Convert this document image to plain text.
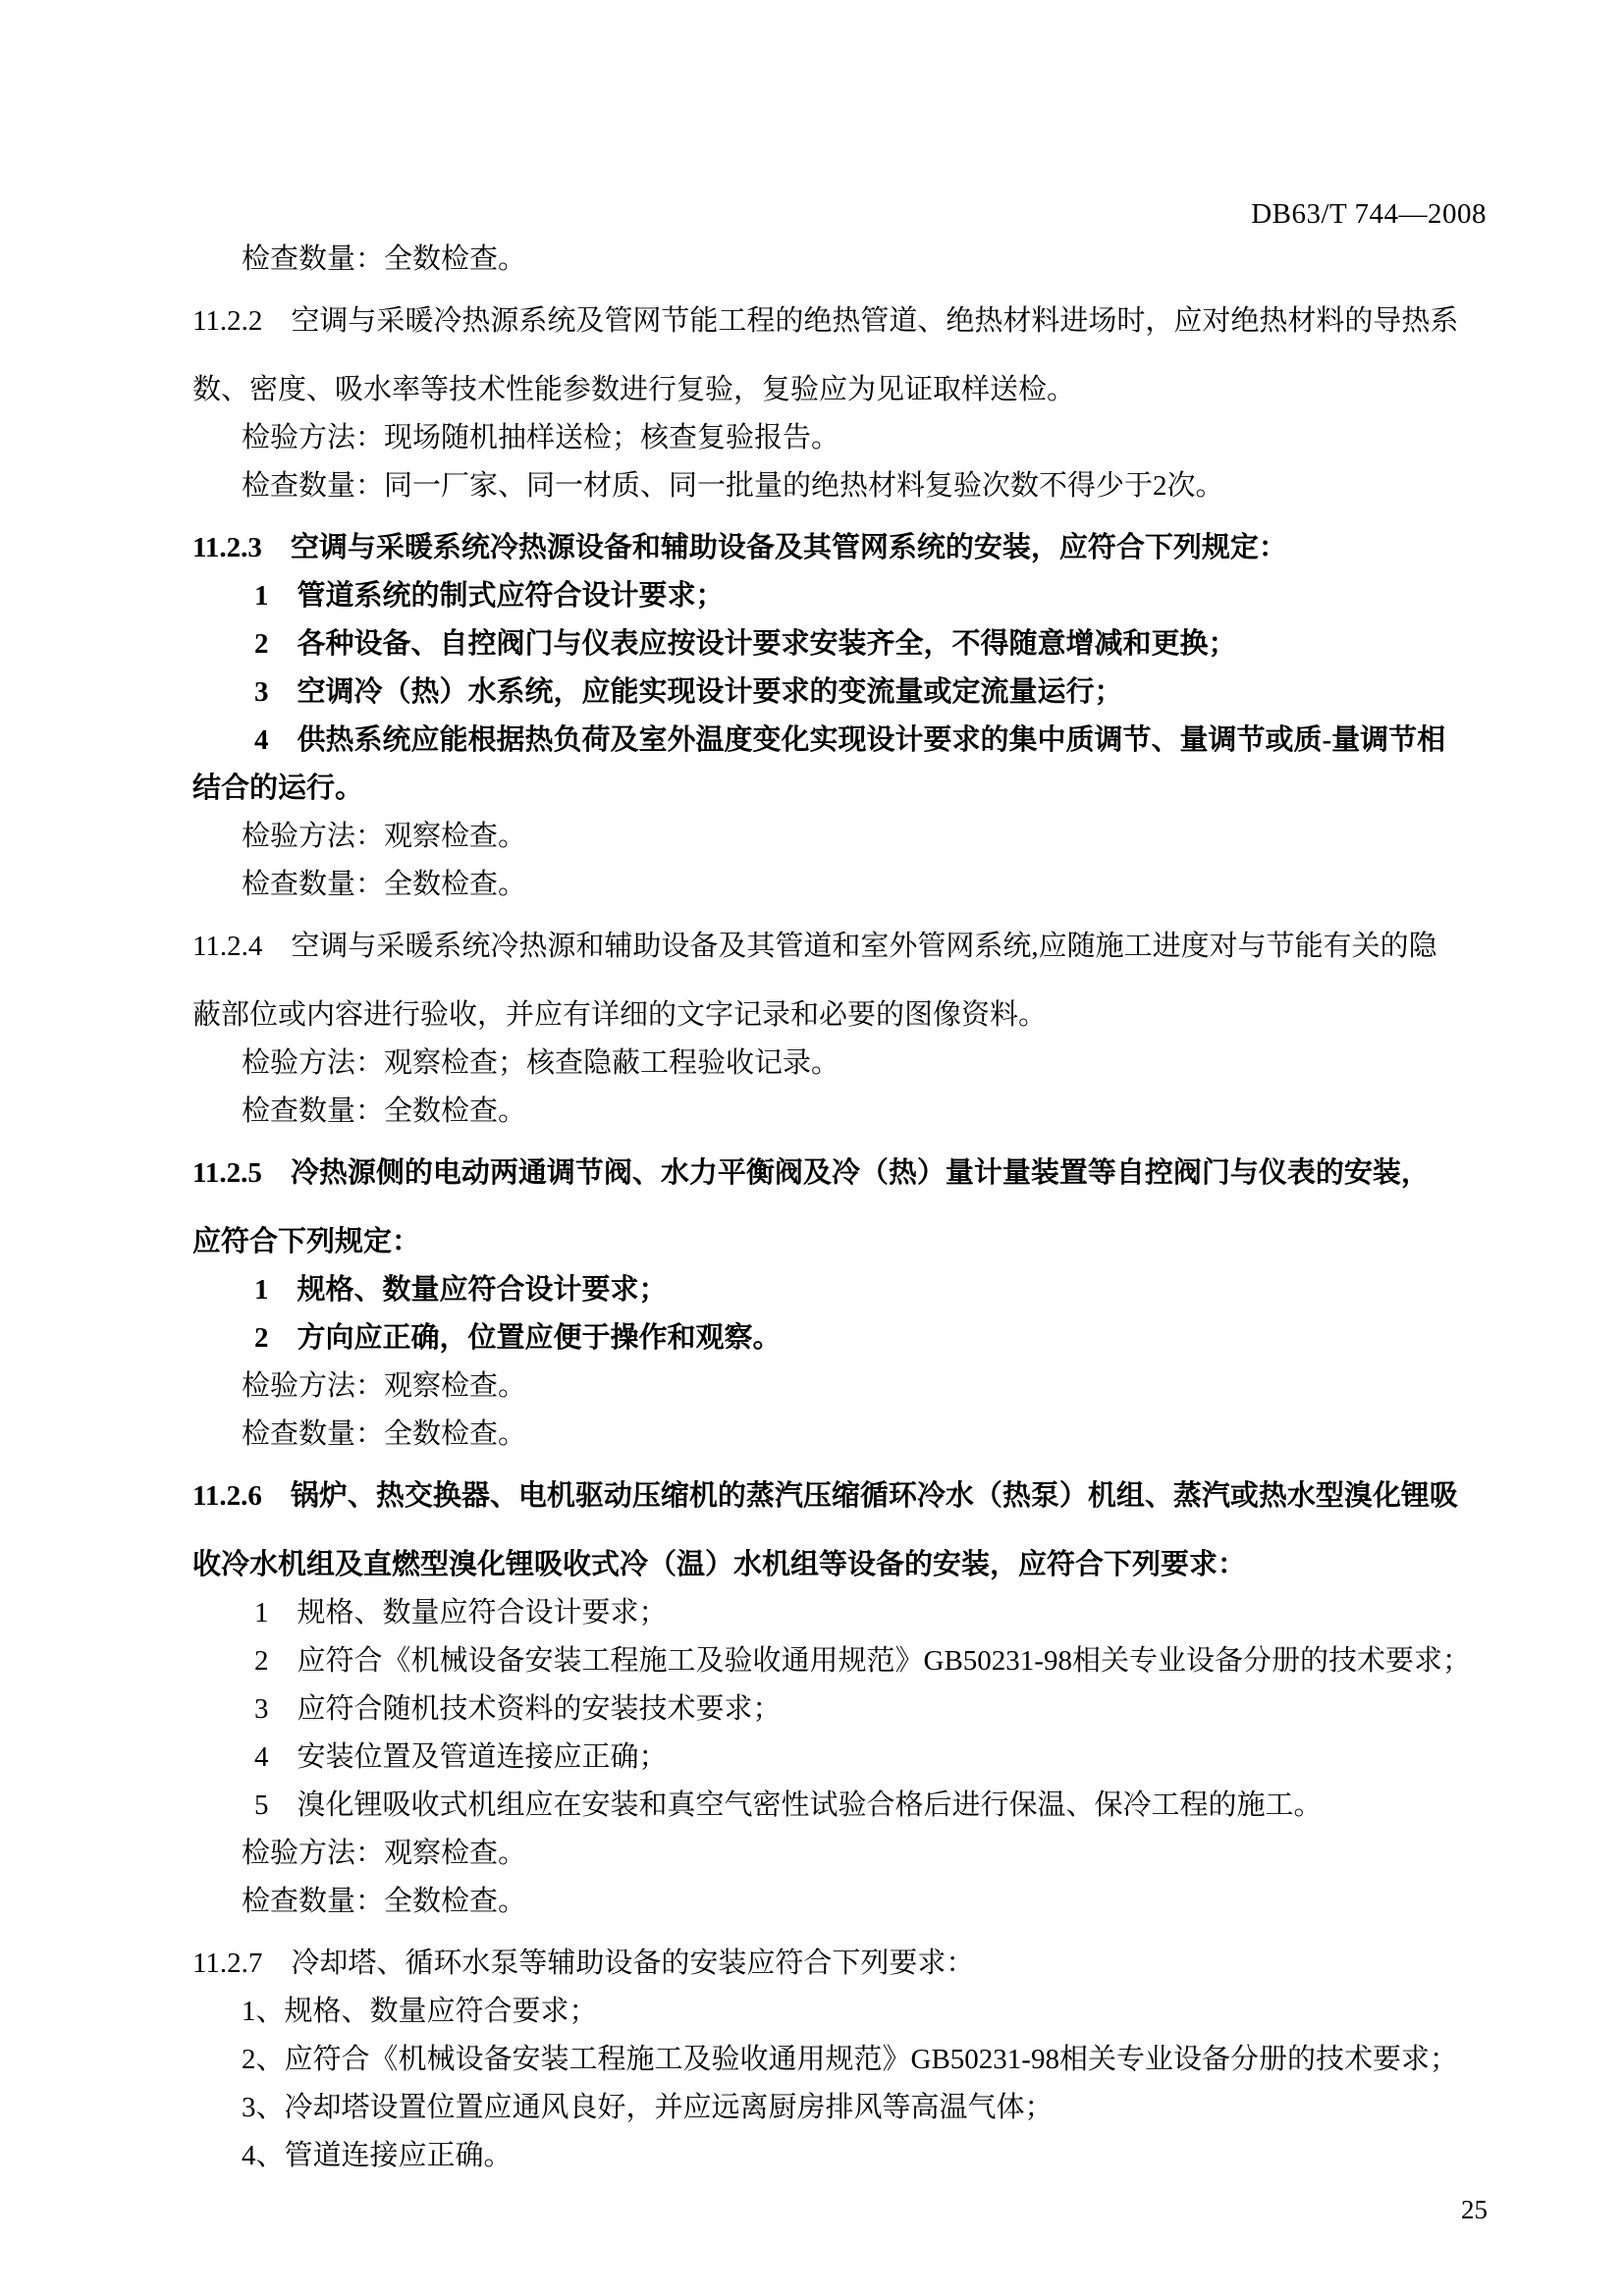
DB63/T 744—2008
检查数量：全数检查。
11.2.2　空调与采暖冷热源系统及管网节能工程的绝热管道、绝热材料进场时，应对绝热材料的导热系
数、密度、吸水率等技术性能参数进行复验，复验应为见证取样送检。
检验方法：现场随机抽样送检；核查复验报告。
检查数量：同一厂家、同一材质、同一批量的绝热材料复验次数不得少于2次。
11.2.3　空调与采暖系统冷热源设备和辅助设备及其管网系统的安装，应符合下列规定：
1　管道系统的制式应符合设计要求；
2　各种设备、自控阀门与仪表应按设计要求安装齐全，不得随意增减和更换；
3　空调冷（热）水系统，应能实现设计要求的变流量或定流量运行；
4　供热系统应能根据热负荷及室外温度变化实现设计要求的集中质调节、量调节或质-量调节相
结合的运行。
检验方法：观察检查。
检查数量：全数检查。
11.2.4　空调与采暖系统冷热源和辅助设备及其管道和室外管网系统,应随施工进度对与节能有关的隐
蔽部位或内容进行验收，并应有详细的文字记录和必要的图像资料。
检验方法：观察检查；核查隐蔽工程验收记录。
检查数量：全数检查。
11.2.5　冷热源侧的电动两通调节阀、水力平衡阀及冷（热）量计量装置等自控阀门与仪表的安装，
应符合下列规定：
1　规格、数量应符合设计要求；
2　方向应正确，位置应便于操作和观察。
检验方法：观察检查。
检查数量：全数检查。
11.2.6　锅炉、热交换器、电机驱动压缩机的蒸汽压缩循环冷水（热泵）机组、蒸汽或热水型溴化锂吸
收冷水机组及直燃型溴化锂吸收式冷（温）水机组等设备的安装，应符合下列要求：
1　规格、数量应符合设计要求；
2　应符合《机械设备安装工程施工及验收通用规范》GB50231-98相关专业设备分册的技术要求；
3　应符合随机技术资料的安装技术要求；
4　安装位置及管道连接应正确；
5　溴化锂吸收式机组应在安装和真空气密性试验合格后进行保温、保冷工程的施工。
检验方法：观察检查。
检查数量：全数检查。
11.2.7　冷却塔、循环水泵等辅助设备的安装应符合下列要求：
1、规格、数量应符合要求；
2、应符合《机械设备安装工程施工及验收通用规范》GB50231-98相关专业设备分册的技术要求；
3、冷却塔设置位置应通风良好，并应远离厨房排风等高温气体；
4、管道连接应正确。
25
